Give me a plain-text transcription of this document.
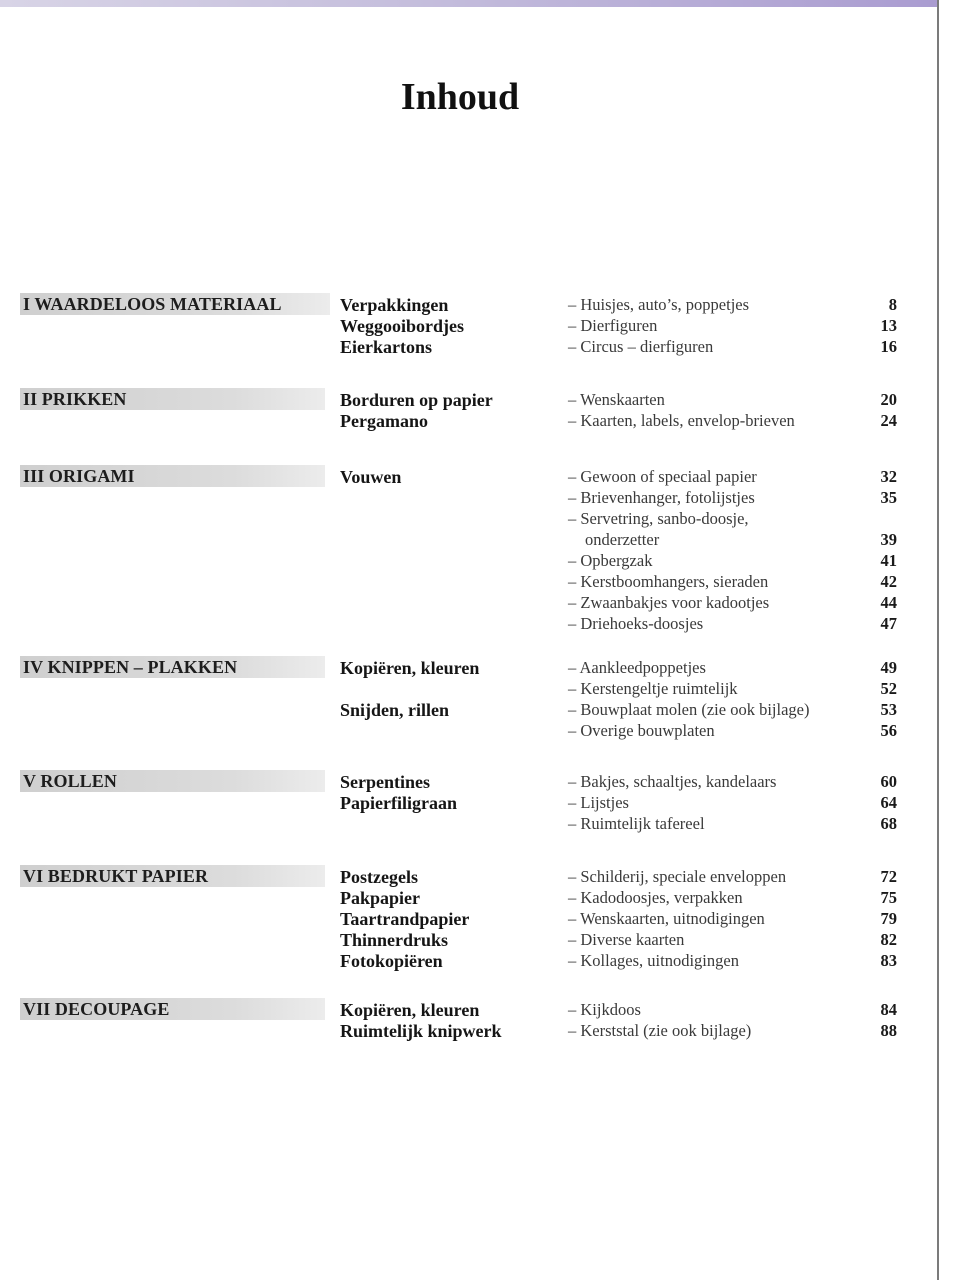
Inhoud
I WAARDELOOS MATERIAAL	Verpakkingen	– Huisjes, auto’s, poppetjes	8
Weggooibordjes	– Dierfiguren	13
Eierkartons	– Circus – dierfiguren	16
II PRIKKEN	Borduren op papier	– Wenskaarten	20
Pergamano	– Kaarten, labels, envelop-brieven	24
III ORIGAMI	Vouwen	– Gewoon of speciaal papier	32
– Brievenhanger, fotolijstjes	35
– Servetring, sanbo-doosje,
onderzetter	39
– Opbergzak	41
– Kerstboomhangers, sieraden	42
– Zwaanbakjes voor kadootjes	44
– Driehoeks-doosjes	47
IV KNIPPEN – PLAKKEN	Kopiëren, kleuren	– Aankleedpoppetjes	49
– Kerstengeltje ruimtelijk	52
Snijden, rillen	– Bouwplaat molen (zie ook bijlage)	53
– Overige bouwplaten	56
V ROLLEN	Serpentines	– Bakjes, schaaltjes, kandelaars	60
Papierfiligraan	– Lijstjes	64
– Ruimtelijk tafereel	68
VI BEDRUKT PAPIER	Postzegels	– Schilderij, speciale enveloppen	72
Pakpapier	– Kadodoosjes, verpakken	75
Taartrandpapier	– Wenskaarten, uitnodigingen	79
Thinnerdruks	– Diverse kaarten	82
Fotokopiëren	– Kollages, uitnodigingen	83
VII DECOUPAGE	Kopiëren, kleuren	– Kijkdoos	84
Ruimtelijk knipwerk	– Kerststal (zie ook bijlage)	88
